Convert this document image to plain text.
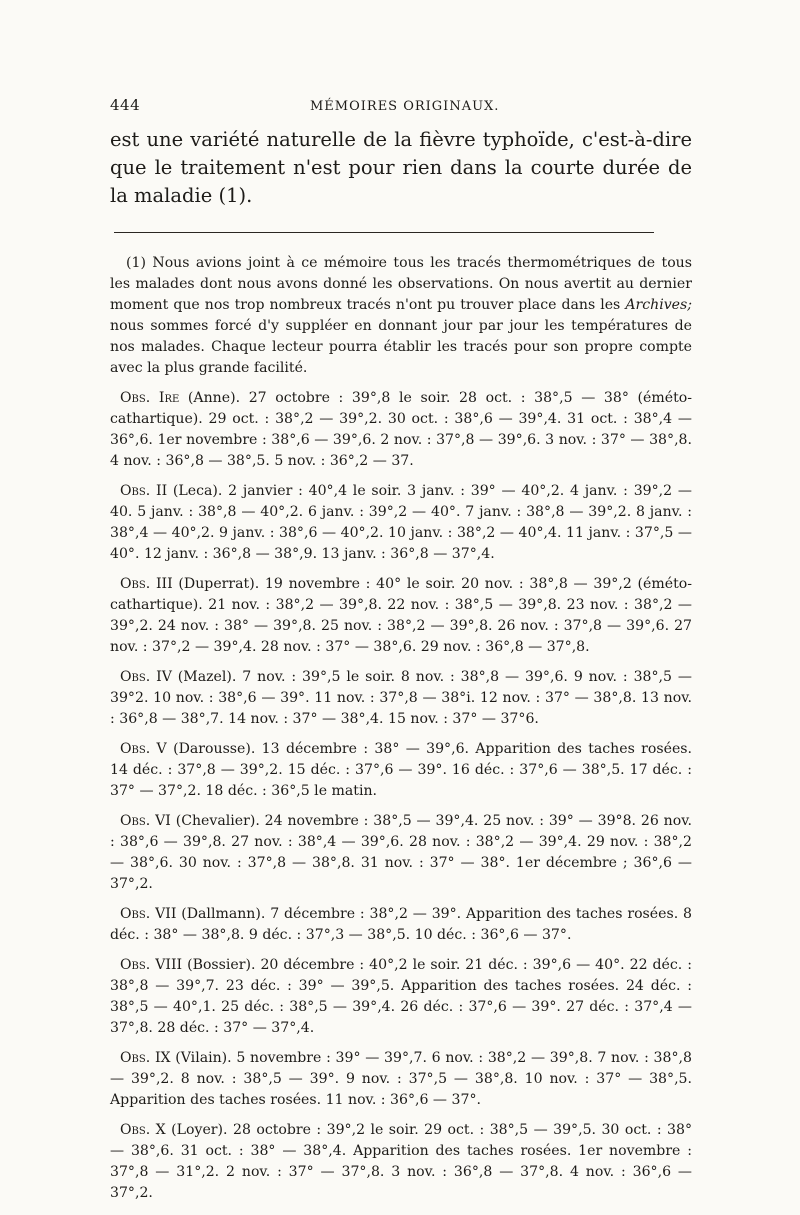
444	MÉMOIRES ORIGINAUX.

est une variété naturelle de la fièvre typhoïde, c'est-à-dire que le traitement n'est pour rien dans la courte durée de la maladie (1).

(1) Nous avions joint à ce mémoire tous les tracés thermométriques de tous les malades dont nous avons donné les observations. On nous avertit au dernier moment que nos trop nombreux tracés n'ont pu trouver place dans les Archives; nous sommes forcé d'y suppléer en donnant jour par jour les températures de nos malades. Chaque lecteur pourra établir les tracés pour son propre compte avec la plus grande facilité.

Obs. Ire (Anne). 27 octobre : 39°,8 le soir. 28 oct. : 38°,5 — 38° (éméto-cathartique). 29 oct. : 38°,2 — 39°,2. 30 oct. : 38°,6 — 39°,4. 31 oct. : 38°,4 — 36°,6. 1er novembre : 38°,6 — 39°,6. 2 nov. : 37°,8 — 39°,6. 3 nov. : 37° — 38°,8. 4 nov. : 36°,8 — 38°,5. 5 nov. : 36°,2 — 37.

Obs. II (Leca). 2 janvier : 40°,4 le soir. 3 janv. : 39° — 40°,2. 4 janv. : 39°,2 — 40. 5 janv. : 38°,8 — 40°,2. 6 janv. : 39°,2 — 40°. 7 janv. : 38°,8 — 39°,2. 8 janv. : 38°,4 — 40°,2. 9 janv. : 38°,6 — 40°,2. 10 janv. : 38°,2 — 40°,4. 11 janv. : 37°,5 — 40°. 12 janv. : 36°,8 — 38°,9. 13 janv. : 36°,8 — 37°,4.

Obs. III (Duperrat). 19 novembre : 40° le soir. 20 nov. : 38°,8 — 39°,2 (éméto-cathartique). 21 nov. : 38°,2 — 39°,8. 22 nov. : 38°,5 — 39°,8. 23 nov. : 38°,2 — 39°,2. 24 nov. : 38° — 39°,8. 25 nov. : 38°,2 — 39°,8. 26 nov. : 37°,8 — 39°,6. 27 nov. : 37°,2 — 39°,4. 28 nov. : 37° — 38°,6. 29 nov. : 36°,8 — 37°,8.

Obs. IV (Mazel). 7 nov. : 39°,5 le soir. 8 nov. : 38°,8 — 39°,6. 9 nov. : 38°,5 — 39°2. 10 nov. : 38°,6 — 39°. 11 nov. : 37°,8 — 38°i. 12 nov. : 37° — 38°,8. 13 nov. : 36°,8 — 38°,7. 14 nov. : 37° — 38°,4. 15 nov. : 37° — 37°6.

Obs. V (Darousse). 13 décembre : 38° — 39°,6. Apparition des taches rosées. 14 déc. : 37°,8 — 39°,2. 15 déc. : 37°,6 — 39°. 16 déc. : 37°,6 — 38°,5. 17 déc. : 37° — 37°,2. 18 déc. : 36°,5 le matin.

Obs. VI (Chevalier). 24 novembre : 38°,5 — 39°,4. 25 nov. : 39° — 39°8. 26 nov. : 38°,6 — 39°,8. 27 nov. : 38°,4 — 39°,6. 28 nov. : 38°,2 — 39°,4. 29 nov. : 38°,2 — 38°,6. 30 nov. : 37°,8 — 38°,8. 31 nov. : 37° — 38°. 1er décembre ; 36°,6 — 37°,2.

Obs. VII (Dallmann). 7 décembre : 38°,2 — 39°. Apparition des taches rosées. 8 déc. : 38° — 38°,8. 9 déc. : 37°,3 — 38°,5. 10 déc. : 36°,6 — 37°.

Obs. VIII (Bossier). 20 décembre : 40°,2 le soir. 21 déc. : 39°,6 — 40°. 22 déc. : 38°,8 — 39°,7. 23 déc. : 39° — 39°,5. Apparition des taches rosées. 24 déc. : 38°,5 — 40°,1. 25 déc. : 38°,5 — 39°,4. 26 déc. : 37°,6 — 39°. 27 déc. : 37°,4 — 37°,8. 28 déc. : 37° — 37°,4.

Obs. IX (Vilain). 5 novembre : 39° — 39°,7. 6 nov. : 38°,2 — 39°,8. 7 nov. : 38°,8 — 39°,2. 8 nov. : 38°,5 — 39°. 9 nov. : 37°,5 — 38°,8. 10 nov. : 37° — 38°,5. Apparition des taches rosées. 11 nov. : 36°,6 — 37°.

Obs. X (Loyer). 28 octobre : 39°,2 le soir. 29 oct. : 38°,5 — 39°,5. 30 oct. : 38° — 38°,6. 31 oct. : 38° — 38°,4. Apparition des taches rosées. 1er novembre : 37°,8 — 31°,2. 2 nov. : 37° — 37°,8. 3 nov. : 36°,8 — 37°,8. 4 nov. : 36°,6 — 37°,2.
